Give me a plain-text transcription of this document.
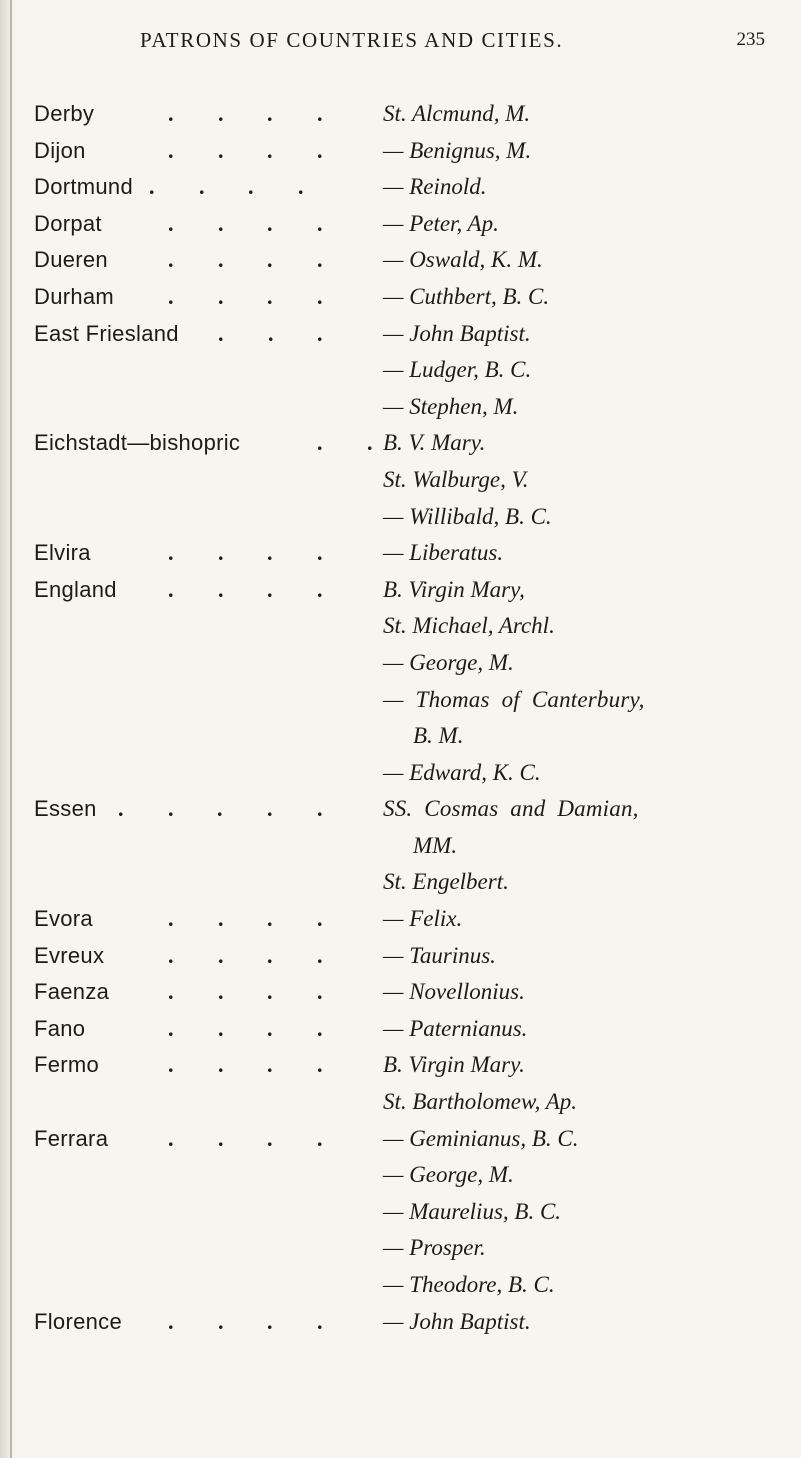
PATRONS OF COUNTRIES AND CITIES.	235
Derby	. . . .	St. Alcmund, M.
Dijon	. . . .	— Benignus, M.
Dortmund . . . .	— Reinold.
Dorpat	. . . .	— Peter, Ap.
Dueren	. . . .	— Oswald, K. M.
Durham . . . .	— Cuthbert, B. C.
East Friesland . . .	— John Baptist.
— Ludger, B. C.
— Stephen, M.
Eichstadt—bishopric	. . B. V. Mary.
St. Walburge, V.
— Willibald, B. C.
Elvira	. . . .	— Liberatus.
England . . . .	B. Virgin Mary,
St. Michael, Archl.
— George, M.
— Thomas of Canterbury,
B. M.
— Edward, K. C.
Essen . . . . .	SS. Cosmas and Damian,
MM.
St. Engelbert.
Evora	. . . .	— Felix.
Evreux	. . . .	— Taurinus.
Faenza	. . . .	— Novellonius.
Fano	. . . .	— Paternianus.
Fermo	. . . .	B. Virgin Mary.
St. Bartholomew, Ap.
Ferrara	. . . .	— Geminianus, B. C.
— George, M.
— Maurelius, B. C.
— Prosper.
— Theodore, B. C.
Florence . . . .	— John Baptist.
